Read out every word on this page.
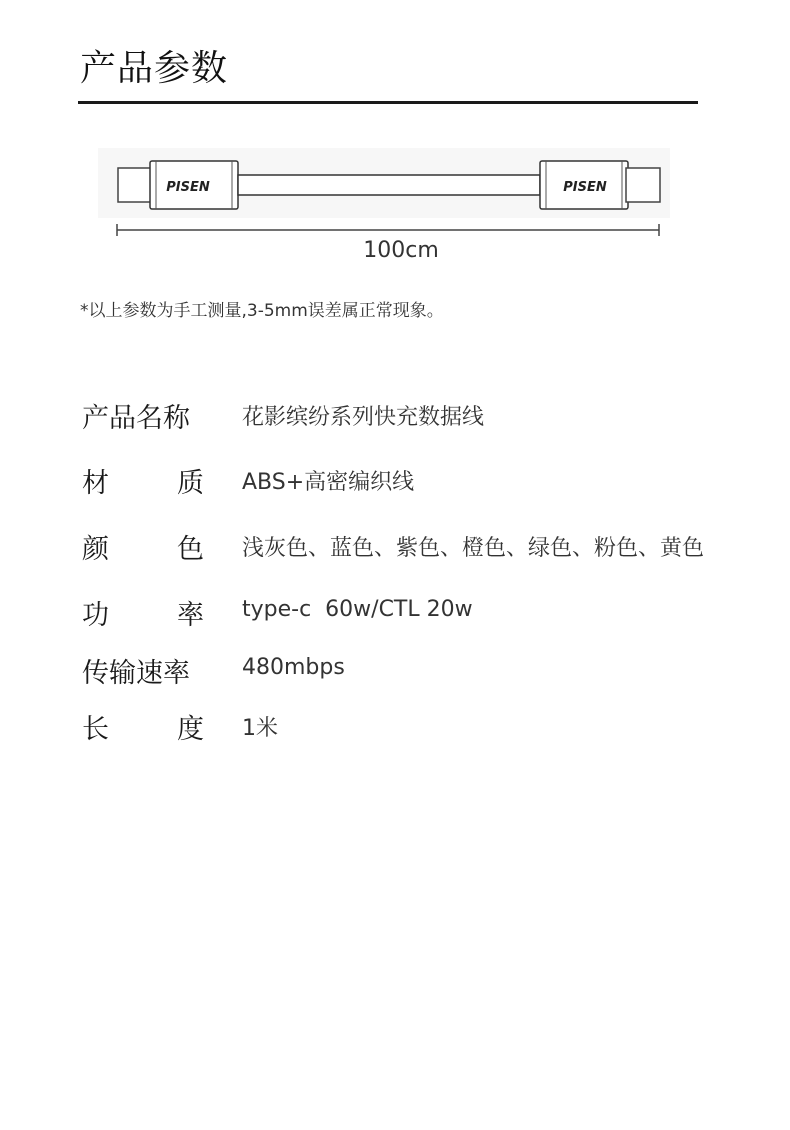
产品参数
PISEN	PISEN
100cm
*以上参数为手工测量,3-5mm误差属正常现象。
产品名称 花影缤纷系列快充数据线
材	质 ABS+高密编织线
颜	色 浅灰色、蓝色、紫色、橙色、绿色、粉色、黄色
功	率 type-c  60w/CTL 20w
传输速率 480mbps
长	度 1米
